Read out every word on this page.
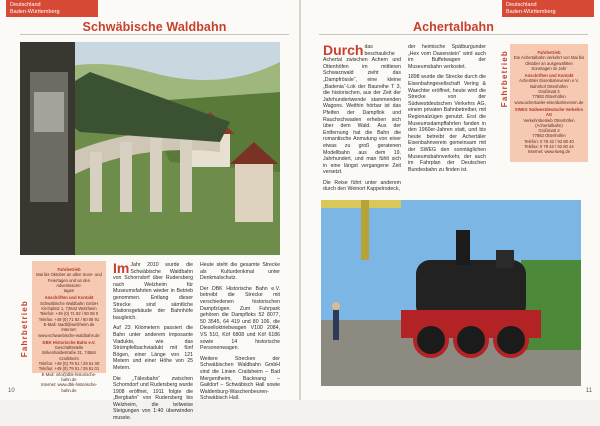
Deutschland
Baden-Württemberg
Schwäbische Waldbahn
Fahrbetrieb
Fahrbetrieb
Mai bis Oktober an allen Sonn- und
Feiertagen und an den Adventssonn-
tagen
Anschriften und Kontakt
Schwäbische Waldbahn GmbH
Kirchplatz 1, 73642 Welzheim
Telefon: +49 (0) 71 82 / 80 08 0
Telefax: +49 (0) 71 82 / 80 08 91
E-Mail: stadt@welzheim.de
Internet:
www.schwaebische-waldbahn.de
DBK Historische Bahn e.V.
Geschäftsstelle
Birkenhaldestraße 31, 74564 Crailsheim
Telefon: +49 (0) 79 51 / 29 61 00
Telefax: +49 (0) 79 51 / 29 61 01
E-Mail: info@dbk-historische-bahn.de
Internet: www.dbk-historische-bahn.de
Im Jahr 2010 wurde die Schwäbische Waldbahn von Schorndorf über Rudersberg nach Welzheim für Museumsfahrten wieder in Betrieb genommen. Entlang dieser Strecke sind sämtliche Stationsgebäude der Bahnhöfe baugleich.

Auf 23 Kilometern passiert die Bahn unter anderem imposante Viadukte, wie das Strümpfelbachviadukt mit fünf Bögen, einer Länge von 121 Metern und einer Höhe von 25 Metern.

Die „Tälesbahn“ zwischen Schorndorf und Rudersberg wurde 1908 eröffnet, 1911 folgte die „Bergbahn“ von Rudersberg bis Welzheim, die teilweise Steigungen von 1:40 überwinden musste.

Heute steht die gesamte Strecke als Kulturdenkmal unter Denkmalschutz.

Der DBK Historische Bahn e.V. betreibt die Strecke mit verschiedenen historischen Dampfzügen. Zum Fuhrpark gehören die Dampfloks 52 8077, 50 3545, 64 419 und 80 106, die Dieselloktriebwagen V100 2084, VS 510, Köf 6808 und Köf 6186 sowie 14 historische Personenwagen.

Weitere Strecken der Schwäbischen Waldbahn GmbH sind die Linien Crailsheim – Bad Mergentheim, Backnang – Gaildorf – Schwäbisch Hall sowie Waldenburg-Waschenbeuren-Schwäbisch Hall.

10
Deutschland
Baden-Württemberg
Achertalbahn
Durch das beschauliche Achertal zwischen Achern und Ottenhöfen im mittleren Schwarzwald zieht das „Dampfrössle“, eine kleine „Badenia“-Lok der Baureihe T 3, die historischen, aus der Zeit der Jahrhundertwende stammenden Wagons. Weithin hörbar ist das Pfeifen der Dampflok und Rauchschwaden erheben sich über dem Wald. Aus der Entfernung hat die Bahn die romantische Anmutung von einer etwas zu groß geratenen Modellbahn aus dem 19. Jahrhundert, und man fühlt sich in eine längst vergangene Zeit versetzt.

Die Reise führt unter anderem durch den Weinort Kappelrodeck,

der heimische Spätburgunder „Hex vom Dasenstein“ wird auch im Buffetwagen der Museumsbahn verkostet.

1898 wurde die Strecke durch die Eisenbahngesellschaft Vering & Waechter eröffnet, heute wird die Strecke von der Südwestdeutschen Verkehrs AG, einem privaten Bahnbetreiber, mit Regionalzügen genutzt. Erst die Museumsdampffahrten fanden in den 1960er-Jahren statt, und bis heute betreibt der Achertäler Eisenbahnverein gemeinsam mit der SWEG den sonntäglichen Museumsbahnverkehr, der auch im Fahrplan der Deutschen Bundesbahn zu finden ist.

Fahrbetrieb	Fahrbetrieb
Die Achertalbahn verkehrt von Mai bis
Oktober an ausgewählten
Sonntagen im Jahr
Anschriften und Kontakt
Achertäler Eisenbahnverein e.V.
Bahnhof Ottenhöfen
Großmatt 3
77883 Ottenhöfen
www.achertaeler-eisenbahnverein.de
SWEG Südwestdeutsche Verkehrs AG
Verkehrsbetrieb Ottenhöfen
(Achertalbahn)
Großmatt 3
77883 Ottenhöfen
Telefon: 0 78 42 / 92 80 40
Telefax: 0 78 42 / 92 80 44
Internet: www.sweg.de
11
